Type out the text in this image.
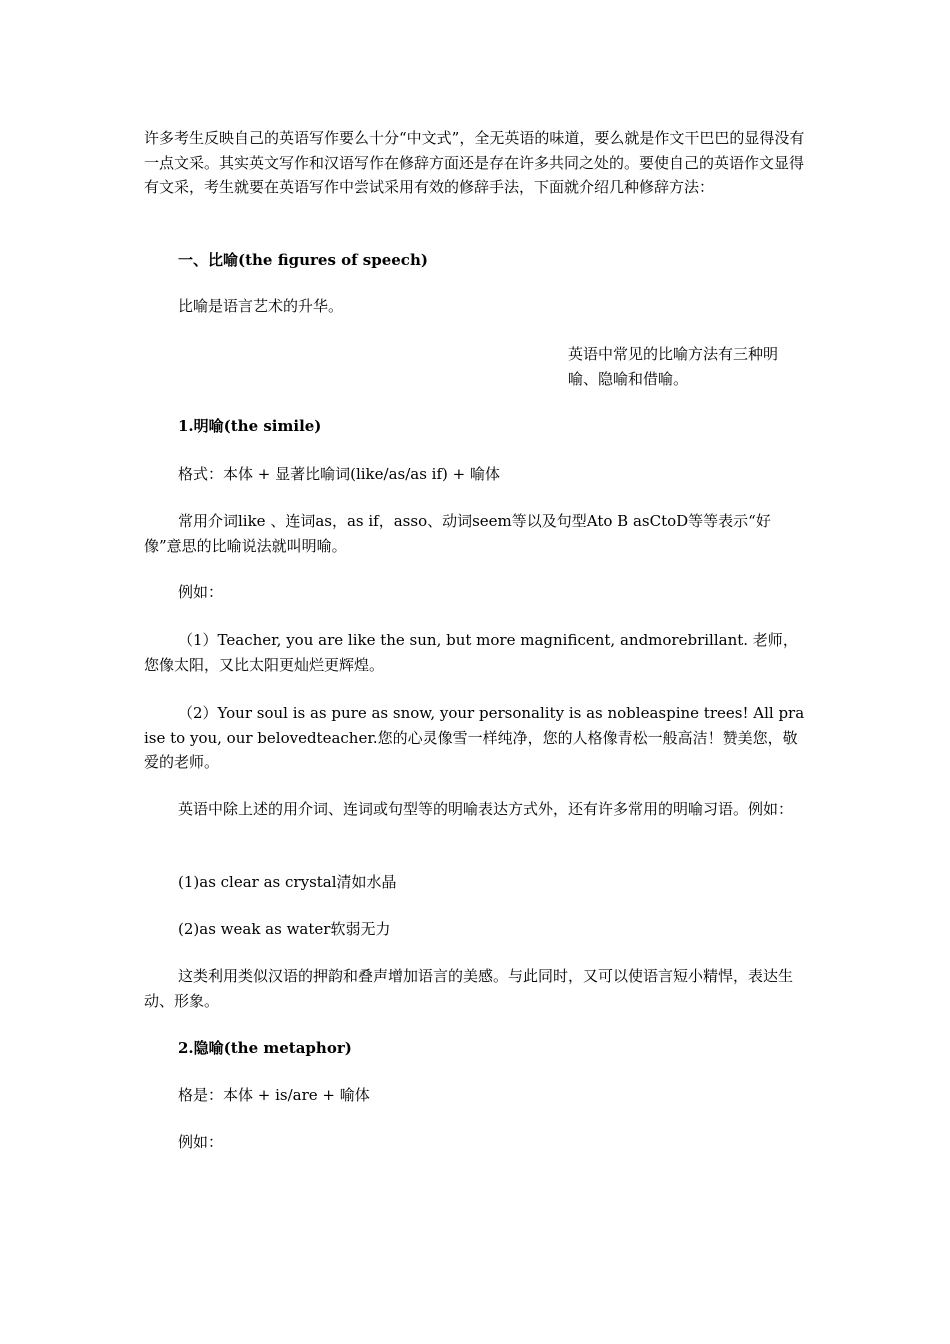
许多考生反映自己的英语写作要么十分“中文式”，全无英语的味道，要么就是作文干巴巴的显得没有一点文采。其实英文写作和汉语写作在修辞方面还是存在许多共同之处的。要使自己的英语作文显得有文采，考生就要在英语写作中尝试采用有效的修辞手法，下面就介绍几种修辞方法：

一、比喻(the figures of speech)

比喻是语言艺术的升华。

英语中常见的比喻方法有三种明喻、隐喻和借喻。

1.明喻(the simile)

格式：本体 + 显著比喻词(like/as/as if) + 喻体

常用介词like 、连词as，as if，asso、动词seem等以及句型Ato B asCtoD等等表示“好像”意思的比喻说法就叫明喻。

例如：

（1）Teacher, you are like the sun, but more magnificent, andmorebrillant. 老师，您像太阳，又比太阳更灿烂更辉煌。

（2）Your soul is as pure as snow, your personality is as nobleaspine trees! All praise to you, our belovedteacher.您的心灵像雪一样纯净，您的人格像青松一般高洁！赞美您，敬爱的老师。

英语中除上述的用介词、连词或句型等的明喻表达方式外，还有许多常用的明喻习语。例如：

(1)as clear as crystal清如水晶

(2)as weak as water软弱无力

这类利用类似汉语的押韵和叠声增加语言的美感。与此同时，又可以使语言短小精悍，表达生动、形象。

2.隐喻(the metaphor)

格是：本体 + is/are + 喻体

例如：
